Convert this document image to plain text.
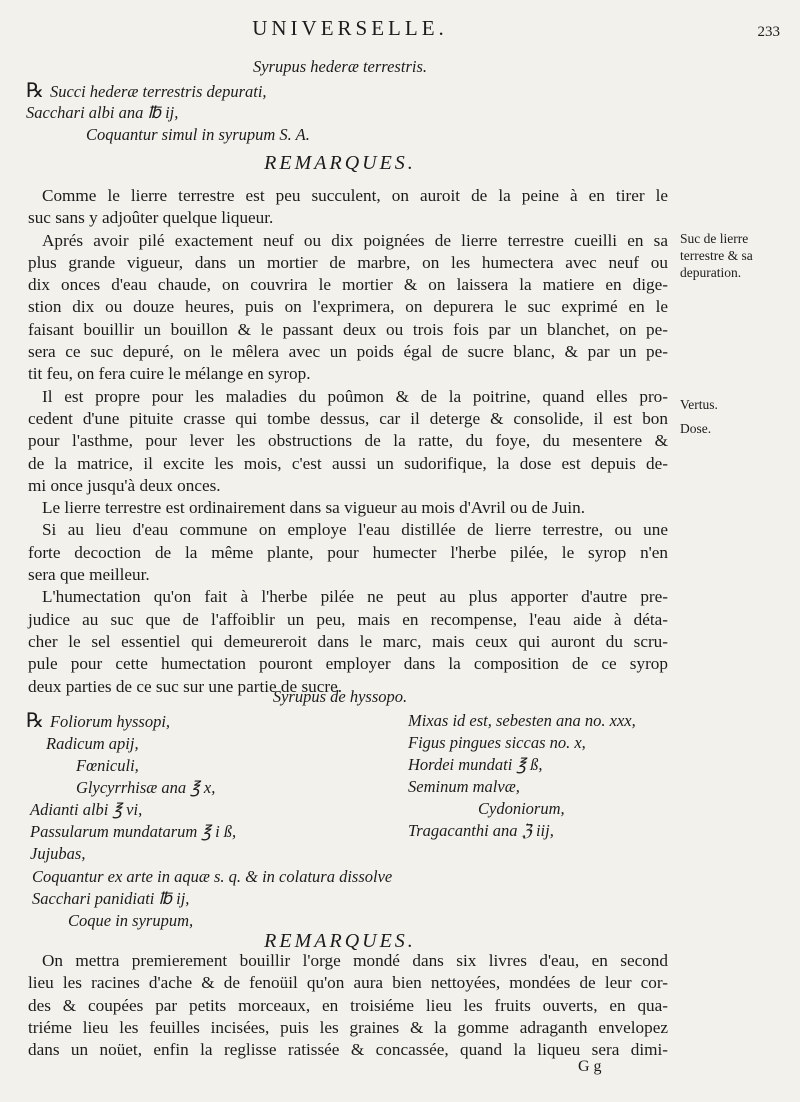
UNIVERSELLE.	233
Syrupus hederæ terrestris.
℞ Succi hederæ terrestris depurati,
Sacchari albi ana ℔ ij,
Coquantur simul in syrupum S. A.
REMARQUES.
Comme le lierre terrestre est peu succulent, on auroit de la peine à en tirer le
suc sans y adjoûter quelque liqueur.
Aprés avoir pilé exactement neuf ou dix poignées de lierre terrestre cueilli en sa
plus grande vigueur, dans un mortier de marbre, on les humectera avec neuf ou
dix onces d'eau chaude, on couvrira le mortier & on laissera la matiere en dige-
stion dix ou douze heures, puis on l'exprimera, on depurera le suc exprimé en le
faisant bouillir un bouillon & le passant deux ou trois fois par un blanchet, on pe-
sera ce suc depuré, on le mêlera avec un poids égal de sucre blanc, & par un pe-
tit feu, on fera cuire le mélange en syrop.
Il est propre pour les maladies du poûmon & de la poitrine, quand elles pro-
cedent d'une pituite crasse qui tombe dessus, car il deterge & consolide, il est bon
pour l'asthme, pour lever les obstructions de la ratte, du foye, du mesentere &
de la matrice, il excite les mois, c'est aussi un sudorifique, la dose est depuis de-
mi once jusqu'à deux onces.
Le lierre terrestre est ordinairement dans sa vigueur au mois d'Avril ou de Juin.
Si au lieu d'eau commune on employe l'eau distillée de lierre terrestre, ou une
forte decoction de la même plante, pour humecter l'herbe pilée, le syrop n'en
sera que meilleur.
L'humectation qu'on fait à l'herbe pilée ne peut au plus apporter d'autre pre-
judice au suc que de l'affoiblir un peu, mais en recompense, l'eau aide à déta-
cher le sel essentiel qui demeureroit dans le marc, mais ceux qui auront du scru-
pule pour cette humectation pouront employer dans la composition de ce syrop
deux parties de ce suc sur une partie de sucre.
Suc de lierre
terrestre & sa
depuration.
Vertus.
Dose.
Syrupus de hyssopo.
℞ Foliorum hyssopi,
Radicum apij,
Fœniculi,
Glycyrrhisæ ana ℥ x,
Adianti albi ℥ vi,
Passularum mundatarum ℥ i ß,
Jujubas,
Mixas id est, sebesten ana no. xxx,
Figus pingues siccas no. x,
Hordei mundati ℥ ß,
Seminum malvæ,
Cydoniorum,
Tragacanthi ana ℨ iij,
Coquantur ex arte in aquæ s. q. & in colatura dissolve
Sacchari panidiati ℔ ij,
Coque in syrupum,
REMARQUES.
On mettra premierement bouillir l'orge mondé dans six livres d'eau, en second
lieu les racines d'ache & de fenoüil qu'on aura bien nettoyées, mondées de leur cor-
des & coupées par petits morceaux, en troisiéme lieu les fruits ouverts, en qua-
triéme lieu les feuilles incisées, puis les graines & la gomme adraganth envelopez
dans un noüet, enfin la reglisse ratissée & concassée, quand la liqueu sera dimi-
G g
